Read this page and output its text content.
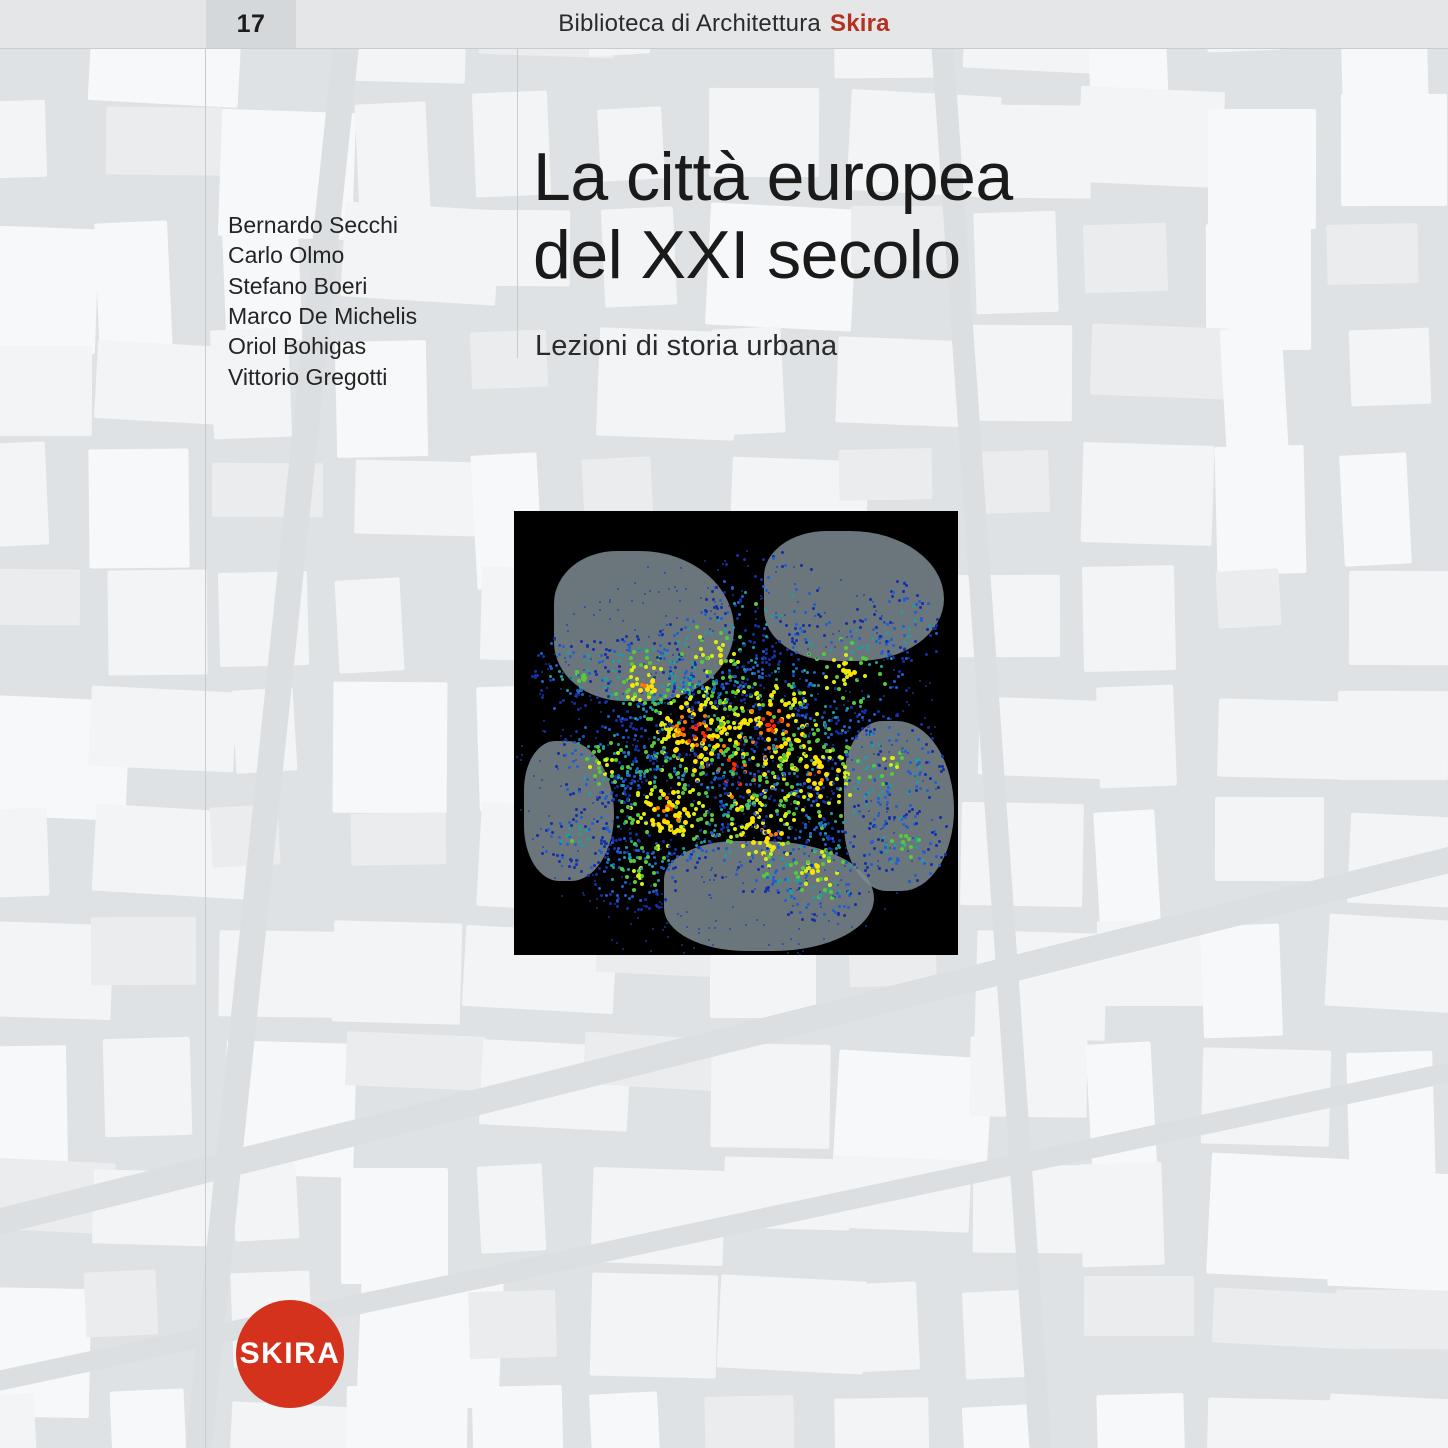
Biblioteca di Architettura Skira
17
Bernardo Secchi
Carlo Olmo
Stefano Boeri
Marco De Michelis
Oriol Bohigas
Vittorio Gregotti
La città europea
del XXI secolo
Lezioni di storia urbana
SKIRA
